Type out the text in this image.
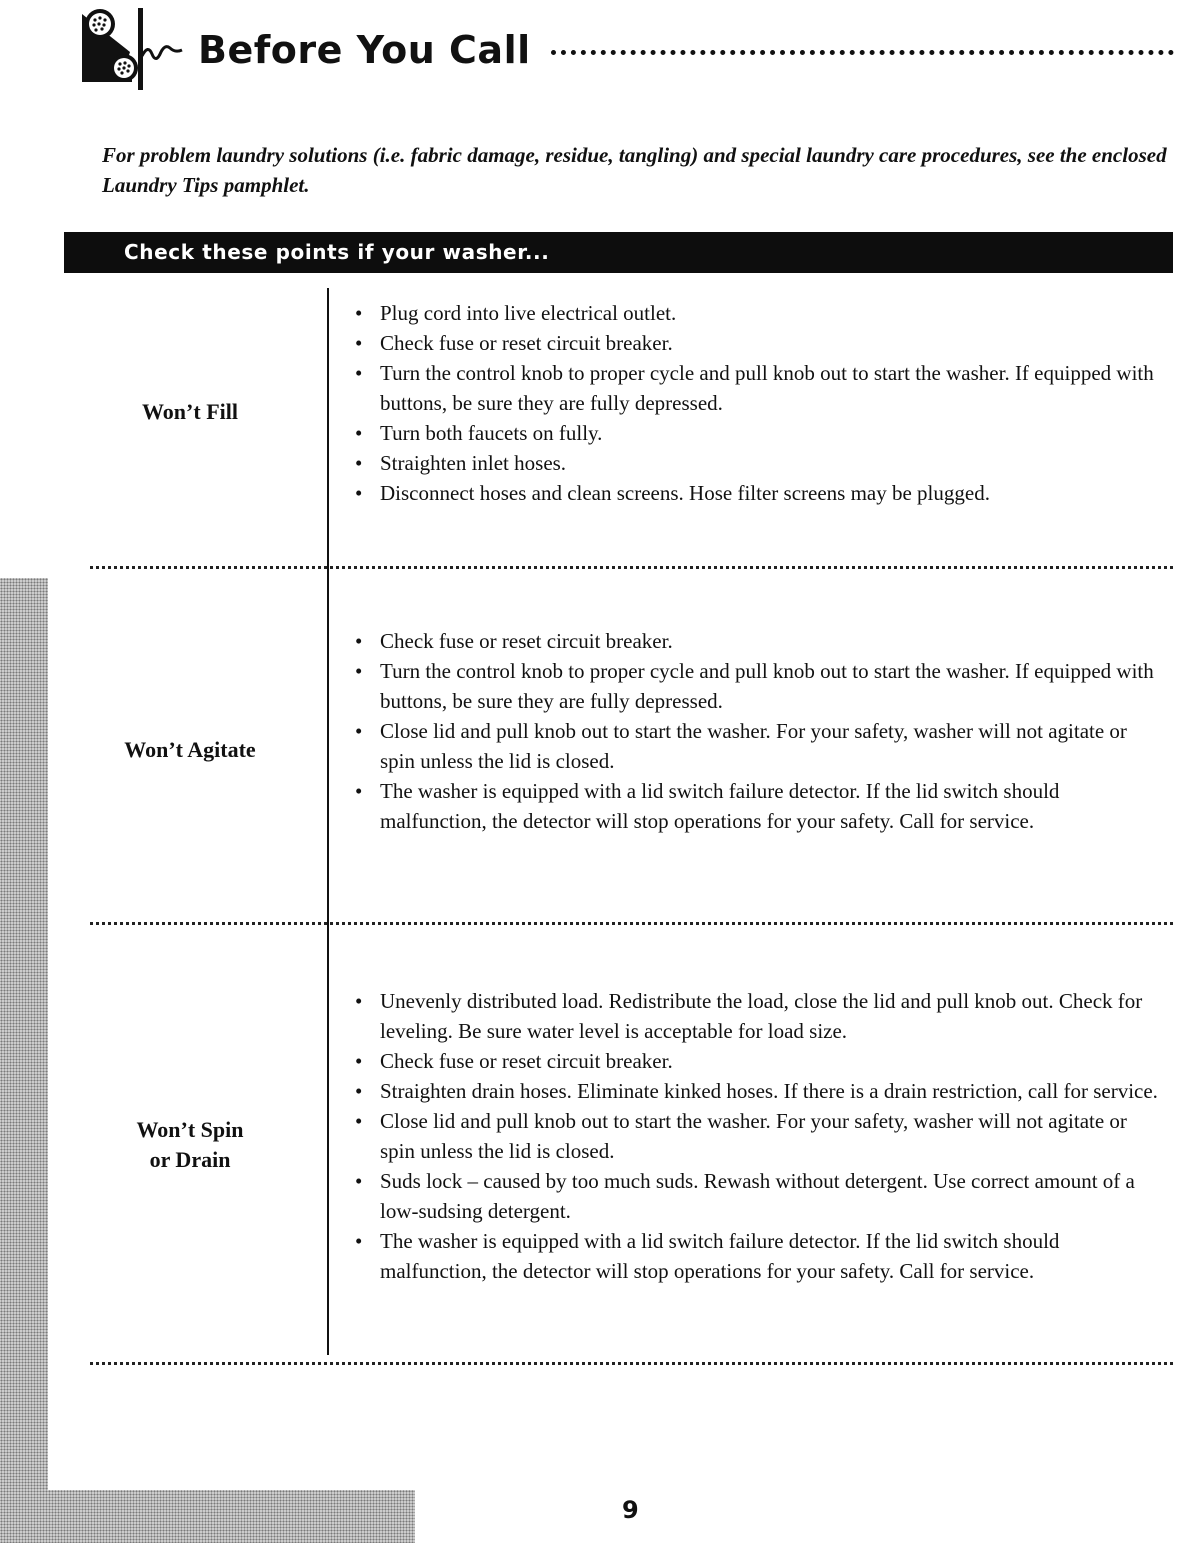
Before You Call

For problem laundry solutions (i.e. fabric damage, residue, tangling) and special laundry care procedures, see the enclosed Laundry Tips pamphlet.

Check these points if your washer...
Won’t Fill
• Plug cord into live electrical outlet.
• Check fuse or reset circuit breaker.
• Turn the control knob to proper cycle and pull knob out to start the washer. If equipped with buttons, be sure they are fully depressed.
• Turn both faucets on fully.
• Straighten inlet hoses.
• Disconnect hoses and clean screens. Hose filter screens may be plugged.
Won’t Agitate
• Check fuse or reset circuit breaker.
• Turn the control knob to proper cycle and pull knob out to start the washer. If equipped with buttons, be sure they are fully depressed.
• Close lid and pull knob out to start the washer. For your safety, washer will not agitate or spin unless the lid is closed.
• The washer is equipped with a lid switch failure detector. If the lid switch should malfunction, the detector will stop operations for your safety. Call for service.
Won’t Spin
or Drain
• Unevenly distributed load. Redistribute the load, close the lid and pull knob out. Check for leveling. Be sure water level is acceptable for load size.
• Check fuse or reset circuit breaker.
• Straighten drain hoses. Eliminate kinked hoses. If there is a drain restriction, call for service.
• Close lid and pull knob out to start the washer. For your safety, washer will not agitate or spin unless the lid is closed.
• Suds lock – caused by too much suds. Rewash without detergent. Use correct amount of a low-sudsing detergent.
• The washer is equipped with a lid switch failure detector. If the lid switch should malfunction, the detector will stop operations for your safety. Call for service.
9
